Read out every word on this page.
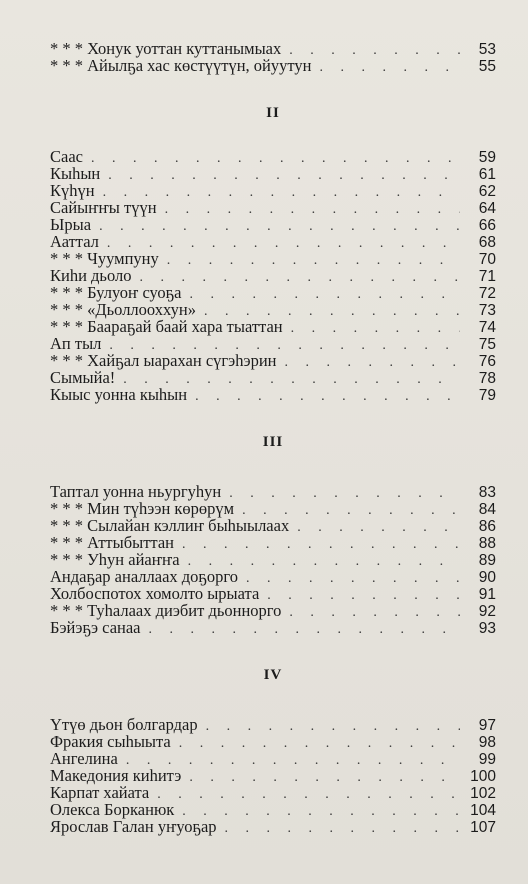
* * * Хонук уоттан куттанымыах . . .	53
* * * Айылҕа хас көстүүтүн, ойуутун . . .	55
II
Саас . . .	59
Кыһын . . .	61
Күһүн . . .	62
Сайыҥҥы түүн . . .	64
Ырыа . . .	66
Ааттал . . .	68
* * * Чуумпуну . . .	70
Киһи дьоло . . .	71
* * * Булуоҥ суоҕа . . .	72
* * * «Дьоллооххун» . . .	73
* * * Баараҕай баай хара тыаттан . . .	74
Ап тыл . . .	75
* * * Хайҕал ыарахан сүгэһэрин . . .	76
Сымыйа! . . .	78
Кыыс уонна кыһын . . .	79
III
Таптал уонна ньургуһун . . .	83
* * * Мин түһээн көрөрүм . . .	84
* * * Сылайан кэллиҥ быһыылаах . . .	86
* * * Аттыбыттан . . .	88
* * * Уһун айаҥҥа . . .	89
Андаҕар аналлаах доҕорго . . .	90
Холбоспотох хомолто ырыата . . .	91
* * * Туһалаах диэбит дьоннорго . . .	92
Бэйэҕэ санаа . . .	93
IV
Үтүө дьон болгардар . . .	97
Фракия сыһыыта . . .	98
Ангелина . . .	99
Македония киһитэ . . .	100
Карпат хайата . . .	102
Олекса Борканюк . . .	104
Ярослав Галан уҥуоҕар . . .	107
